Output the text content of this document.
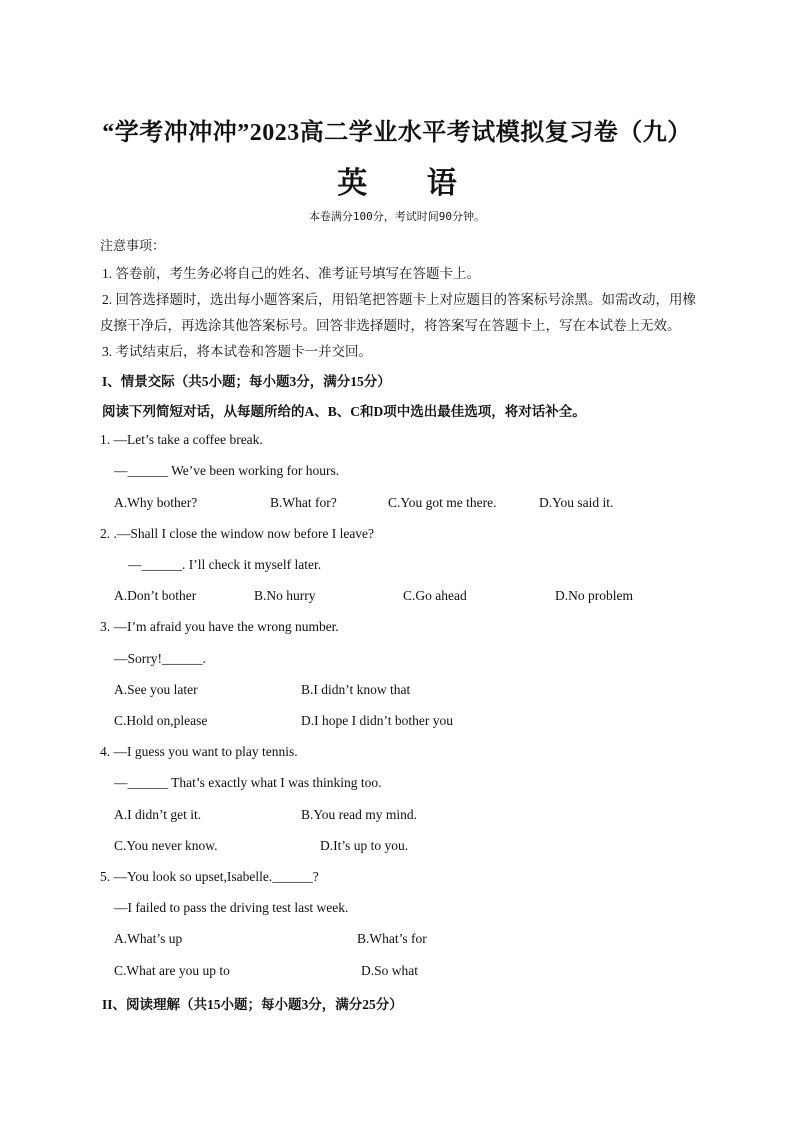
“学考冲冲冲”2023高二学业水平考试模拟复习卷（九）
英 语
本卷满分100分，考试时间90分钟。
注意事项：
1. 答卷前，考生务必将自己的姓名、准考证号填写在答题卡上。
2. 回答选择题时，选出每小题答案后，用铅笔把答题卡上对应题目的答案标号涂黑。如需改动，用橡
皮擦干净后，再选涂其他答案标号。回答非选择题时，将答案写在答题卡上，写在本试卷上无效。
3. 考试结束后，将本试卷和答题卡一并交回。
I、情景交际（共5小题；每小题3分，满分15分）
阅读下列简短对话，从每题所给的A、B、C和D项中选出最佳选项，将对话补全。
1. —Let’s take a coffee break.
—______ We’ve been working for hours.
A.Why bother?	B.What for?	C.You got me there.	D.You said it.
2. .—Shall I close the window now before I leave?
—______. I’ll check it myself later.
A.Don’t bother	B.No hurry	C.Go ahead	D.No problem
3. —I’m afraid you have the wrong number.
—Sorry!______.
A.See you later	B.I didn’t know that
C.Hold on,please	D.I hope I didn’t bother you
4. —I guess you want to play tennis.
—______ That’s exactly what I was thinking too.
A.I didn’t get it.	B.You read my mind.
C.You never know.	D.It’s up to you.
5. —You look so upset,Isabelle.______?
—I failed to pass the driving test last week.
A.What’s up	B.What’s for
C.What are you up to	D.So what
II、阅读理解（共15小题；每小题3分，满分25分）
